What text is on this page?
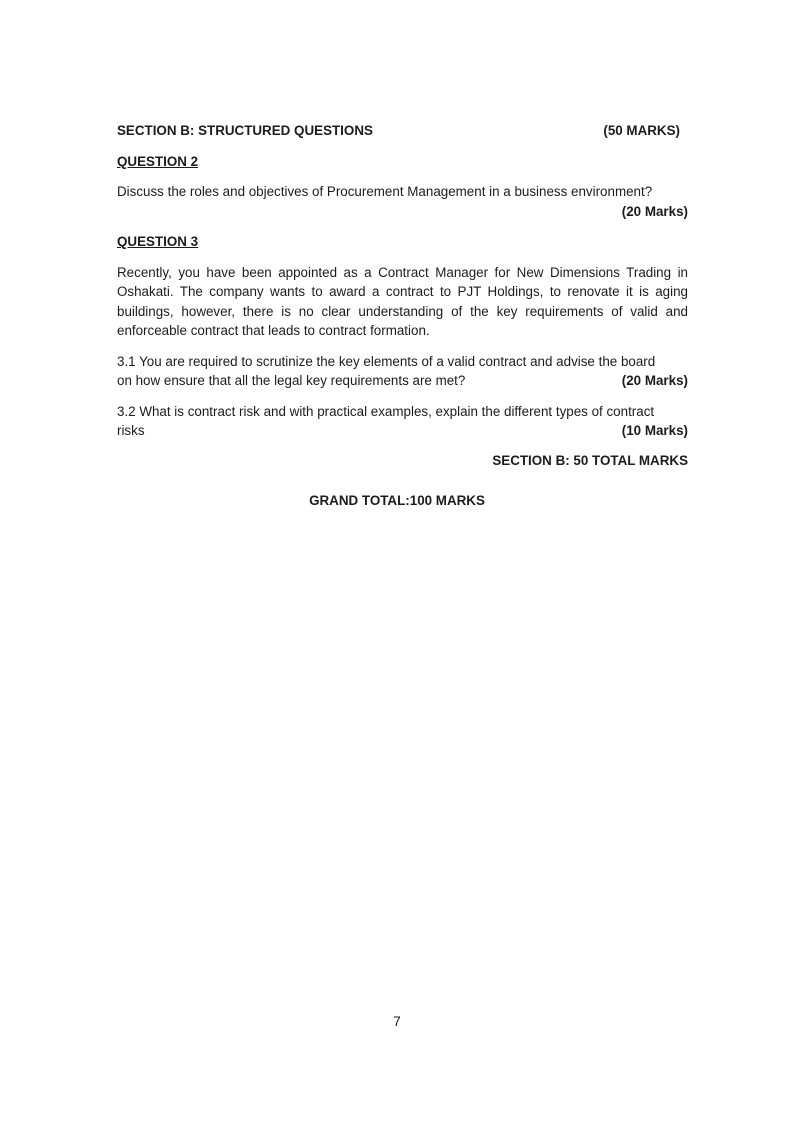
SECTION B: STRUCTURED QUESTIONS	(50 MARKS)
QUESTION 2

Discuss the roles and objectives of Procurement Management in a business environment?

(20 Marks)

QUESTION 3

Recently, you have been appointed as a Contract Manager for New Dimensions Trading in Oshakati. The company wants to award a contract to PJT Holdings, to renovate it is aging buildings, however, there is no clear understanding of the key requirements of valid and enforceable contract that leads to contract formation.

3.1 You are required to scrutinize the key elements of a valid contract and advise the board

on how ensure that all the legal key requirements are met?	(20 Marks)

3.2 What is contract risk and with practical examples, explain the different types of contract

risks	(10 Marks)
SECTION B: 50 TOTAL MARKS
GRAND TOTAL:100 MARKS
7
